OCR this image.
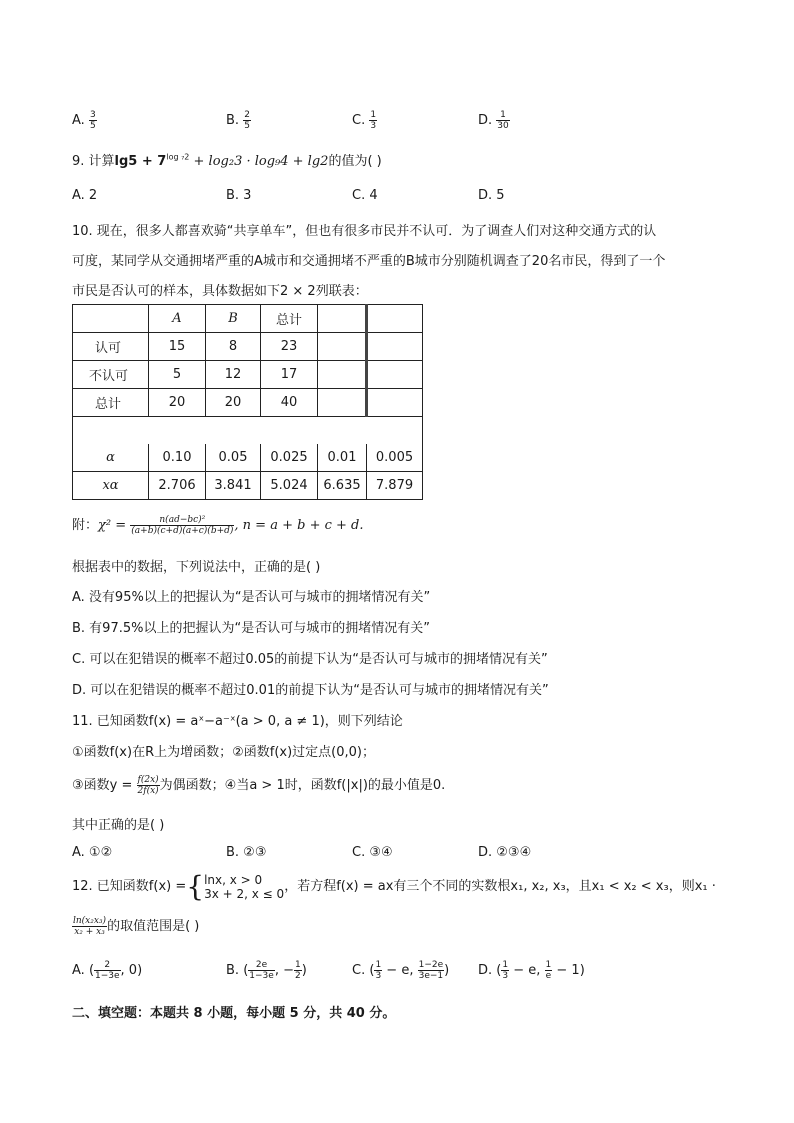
A. $\frac{3}{5}$	B. $\frac{2}{5}$	C. $\frac{1}{3}$	D. $\frac{1}{30}$
9. 计算$\lg 5 + 7^{log _72} + \log_23 \cdot \log_94 + \lg 2$的值为( )
A. 2	B. 3	C. 4	D. 5
10. 现在，很多人都喜欢骑“共享单车”，但也有很多市民并不认可．为了调查人们对这种交通方式的认
可度，某同学从交通拥堵严重的A城市和交通拥堵不严重的B城市分别随机调查了20名市民，得到了一个
市民是否认可的样本，具体数据如下2 × 2列联表：
	A	B	总计		
认可	15	8	23		
不认可	5	12	17		
总计	20	20	40		

α	0.10	0.05	0.025	0.01	0.005
xα	2.706	3.841	5.024	6.635	7.879
附：$\chi^2 = \frac{\text{n(ad−bc)²}}{(a+b)(c+d)(a+c)(b+d)}$ , n = a + b + c + d.
根据表中的数据，下列说法中，正确的是( )
A. 没有95%以上的把握认为“是否认可与城市的拥堵情况有关”
B. 有97.5%以上的把握认为“是否认可与城市的拥堵情况有关”
C. 可以在犯错误的概率不超过0.05的前提下认为“是否认可与城市的拥堵情况有关”
D. 可以在犯错误的概率不超过0.01的前提下认为“是否认可与城市的拥堵情况有关”
11. 已知函数f(x) = aˣ−a⁻ˣ(a > 0, a ≠ 1)，则下列结论
①函数f(x)在R上为增函数；②函数f(x)过定点(0,0)；
③函数$y = \frac{f(2x)}{2f(x)}$ 为偶函数；④当a > 1时，函数f(|x|)的最小值是0.
其中正确的是( )
A. ①②	B. ②③	C. ③④	D. ②③④
12. 已知函数f(x) ={lnx, x > 0
3x + 2, x ≤ 0，若方程f(x) = ax有三个不同的实数根x₁, x₂, x₃，且x₁ < x₂ < x₃，则x₁ ·
$\frac{\text{ln(x₂x₃)}}{\text{x₂ + x₃}}$ 的取值范围是( )
A. ( $\frac{2}{1-3e}$ , 0)	B. ( $\frac{2e}{1-3e}$ , − $\frac{1}{2}$ )	C. ( $\frac{1}{3} - e$, $\frac{1-2e}{3e-1}$ ) D. ( $\frac{1}{3} - e$, $\frac{1}{e} - 1$)
二、填空题：本题共 8 小题，每小题 5 分，共 40 分。
